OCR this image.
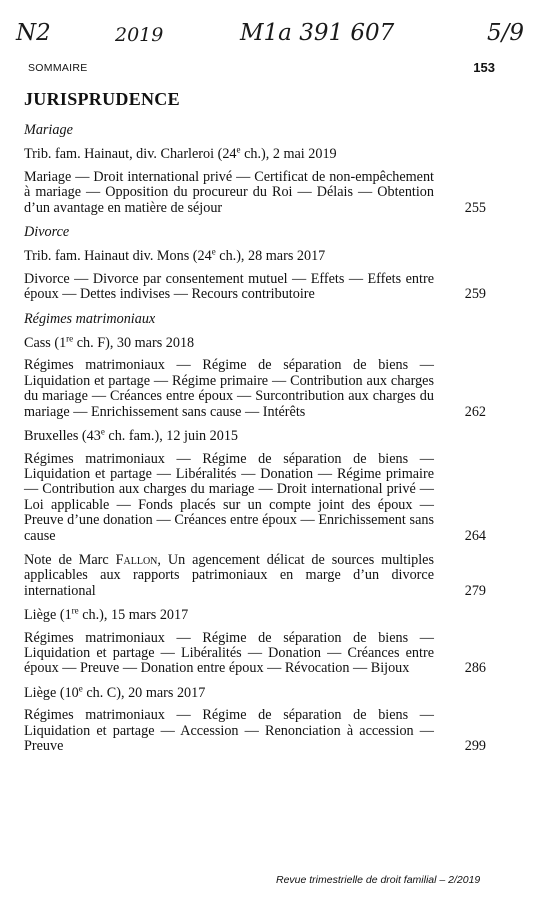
N2	2019	M1a 391 607	5/9
SOMMAIRE	153
JURISPRUDENCE
Mariage
Trib. fam. Hainaut, div. Charleroi (24e ch.), 2 mai 2019
Mariage — Droit international privé — Certificat de non-empêchement à mariage — Opposition du procureur du Roi — Délais — Obtention d’un avantage en matière de séjour	255
Divorce
Trib. fam. Hainaut div. Mons (24e ch.), 28 mars 2017
Divorce — Divorce par consentement mutuel — Effets — Effets entre époux — Dettes indivises — Recours contributoire	259
Régimes matrimoniaux
Cass (1re ch. F), 30 mars 2018
Régimes matrimoniaux — Régime de séparation de biens — Liquidation et partage — Régime primaire — Contribution aux charges du mariage — Créances entre époux — Surcontribution aux charges du mariage — Enrichissement sans cause — Intérêts	262
Bruxelles (43e ch. fam.), 12 juin 2015
Régimes matrimoniaux — Régime de séparation de biens — Liquidation et partage — Libéralités — Donation — Régime primaire — Contribution aux charges du mariage — Droit international privé — Loi applicable — Fonds placés sur un compte joint des époux — Preuve d’une donation — Créances entre époux — Enrichissement sans cause	264
Note de Marc Fallon, Un agencement délicat de sources multiples applicables aux rapports patrimoniaux en marge d’un divorce international	279
Liège (1re ch.), 15 mars 2017
Régimes matrimoniaux — Régime de séparation de biens — Liquidation et partage — Libéralités — Donation — Créances entre époux — Preuve — Donation entre époux — Révocation — Bijoux	286
Liège (10e ch. C), 20 mars 2017
Régimes matrimoniaux — Régime de séparation de biens — Liquidation et partage — Accession — Renonciation à accession — Preuve	299
Revue trimestrielle de droit familial – 2/2019
